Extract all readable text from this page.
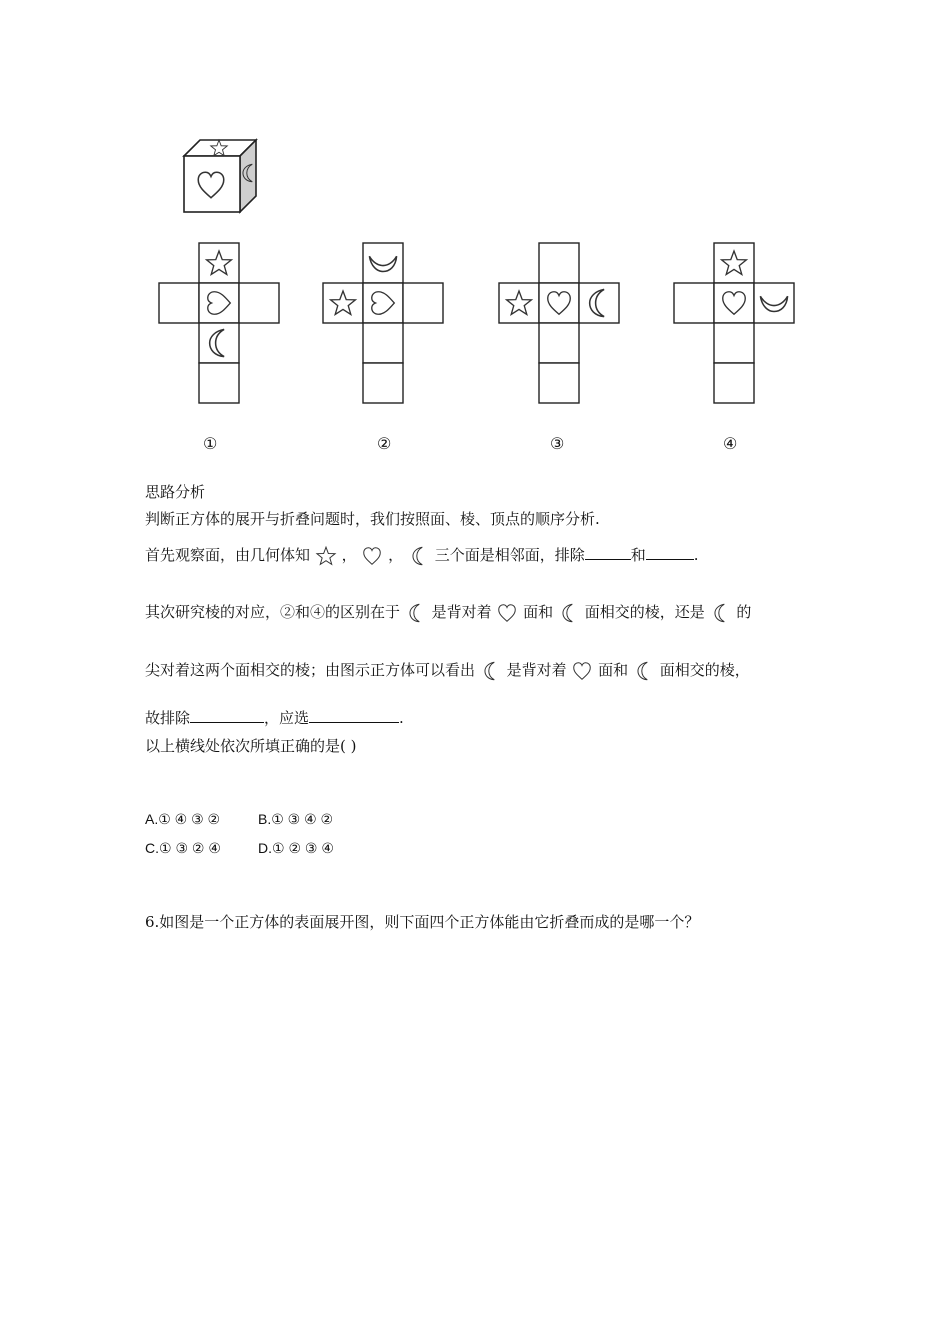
①	②	③	④
思路分析
判断正方体的展开与折叠问题时，我们按照面、棱、顶点的顺序分析.
首先观察面，由几何体知 ， ， 三个面是相邻面，排除	和	.
其次研究棱的对应，②和④的区别在于 是背对着 面和 面相交的棱，还是 的
尖对着这两个面相交的棱；由图示正方体可以看出 是背对着 面和 面相交的棱，
故排除	，应选	.
以上横线处依次所填正确的是( )
A.① ④ ③ ②	B.① ③ ④ ②
C.① ③ ② ④	D.① ② ③ ④
6.如图是一个正方体的表面展开图，则下面四个正方体能由它折叠而成的是哪一个？
